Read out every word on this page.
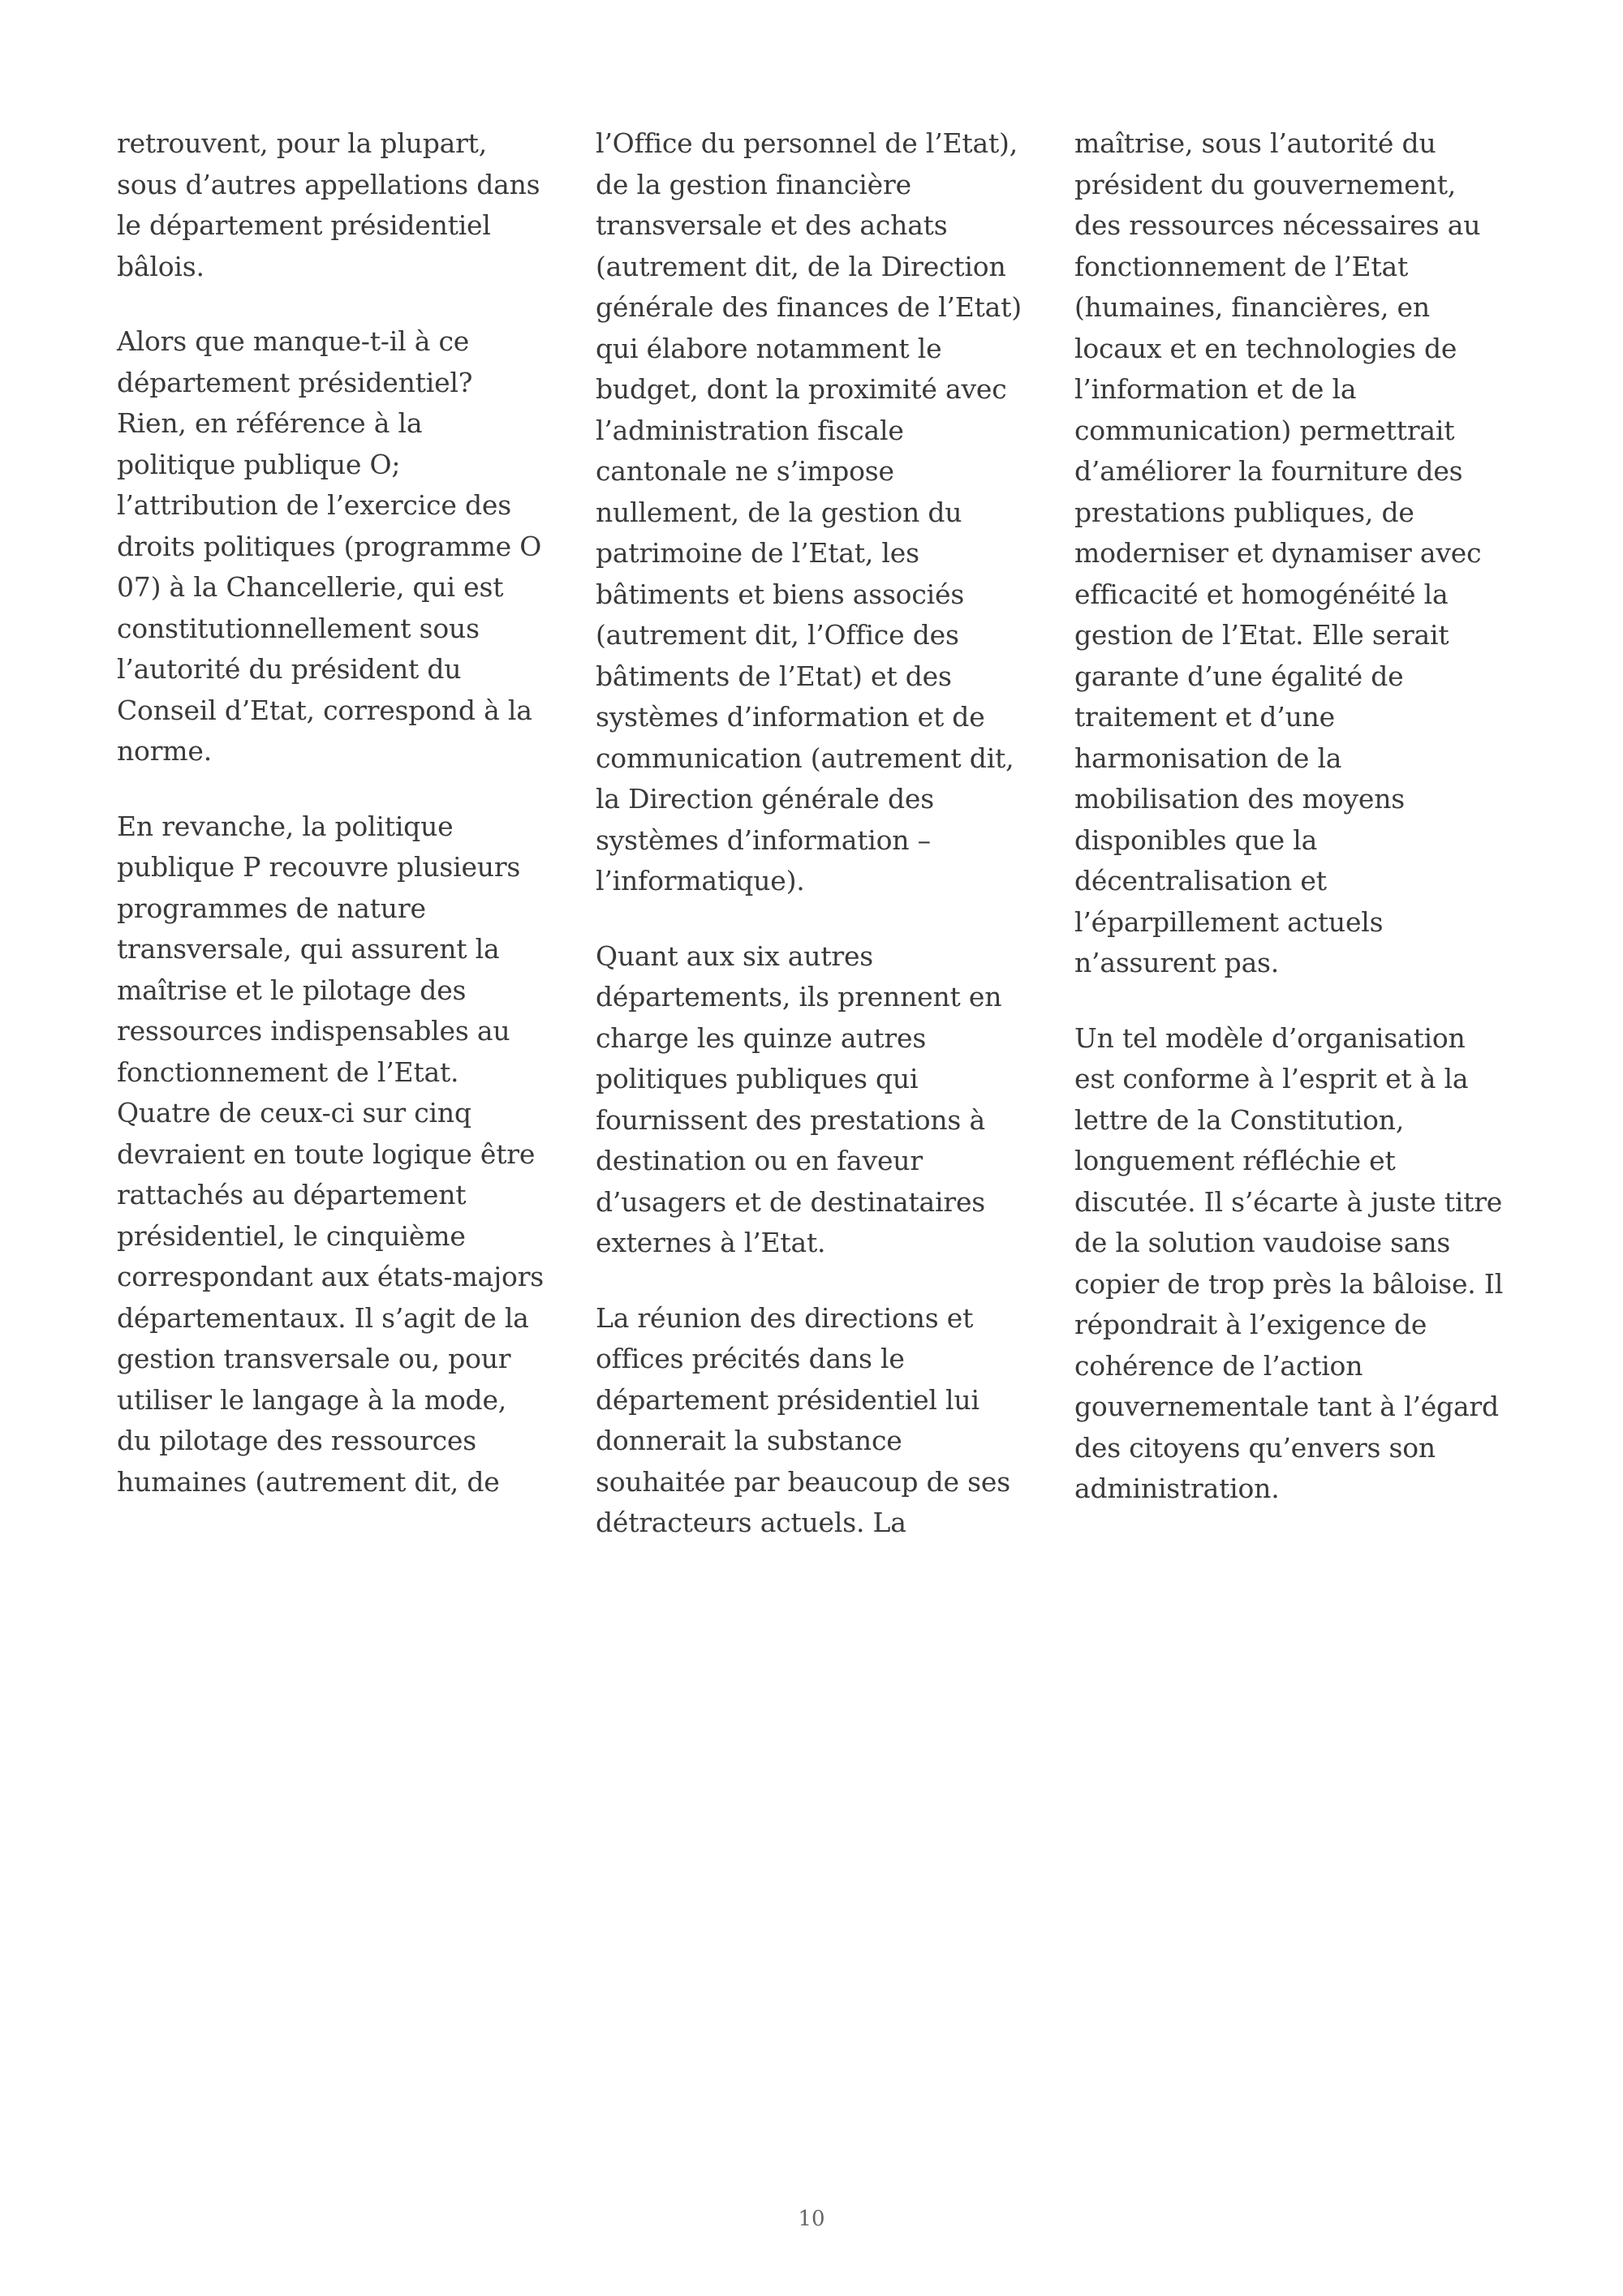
retrouvent, pour la plupart,
sous d’autres appellations dans
le département présidentiel
bâlois.

Alors que manque-t-il à ce
département présidentiel?
Rien, en référence à la
politique publique O;
l’attribution de l’exercice des
droits politiques (programme O
07) à la Chancellerie, qui est
constitutionnellement sous
l’autorité du président du
Conseil d’Etat, correspond à la
norme.

En revanche, la politique
publique P recouvre plusieurs
programmes de nature
transversale, qui assurent la
maîtrise et le pilotage des
ressources indispensables au
fonctionnement de l’Etat.
Quatre de ceux-ci sur cinq
devraient en toute logique être
rattachés au département
présidentiel, le cinquième
correspondant aux états-majors
départementaux. Il s’agit de la
gestion transversale ou, pour
utiliser le langage à la mode,
du pilotage des ressources
humaines (autrement dit, de

l’Office du personnel de l’Etat),
de la gestion financière
transversale et des achats
(autrement dit, de la Direction
générale des finances de l’Etat)
qui élabore notamment le
budget, dont la proximité avec
l’administration fiscale
cantonale ne s’impose
nullement, de la gestion du
patrimoine de l’Etat, les
bâtiments et biens associés
(autrement dit, l’Office des
bâtiments de l’Etat) et des
systèmes d’information et de
communication (autrement dit,
la Direction générale des
systèmes d’information –
l’informatique).

Quant aux six autres
départements, ils prennent en
charge les quinze autres
politiques publiques qui
fournissent des prestations à
destination ou en faveur
d’usagers et de destinataires
externes à l’Etat.

La réunion des directions et
offices précités dans le
département présidentiel lui
donnerait la substance
souhaitée par beaucoup de ses
détracteurs actuels. La

maîtrise, sous l’autorité du
président du gouvernement,
des ressources nécessaires au
fonctionnement de l’Etat
(humaines, financières, en
locaux et en technologies de
l’information et de la
communication) permettrait
d’améliorer la fourniture des
prestations publiques, de
moderniser et dynamiser avec
efficacité et homogénéité la
gestion de l’Etat. Elle serait
garante d’une égalité de
traitement et d’une
harmonisation de la
mobilisation des moyens
disponibles que la
décentralisation et
l’éparpillement actuels
n’assurent pas.

Un tel modèle d’organisation
est conforme à l’esprit et à la
lettre de la Constitution,
longuement réfléchie et
discutée. Il s’écarte à juste titre
de la solution vaudoise sans
copier de trop près la bâloise. Il
répondrait à l’exigence de
cohérence de l’action
gouvernementale tant à l’égard
des citoyens qu’envers son
administration.

10
